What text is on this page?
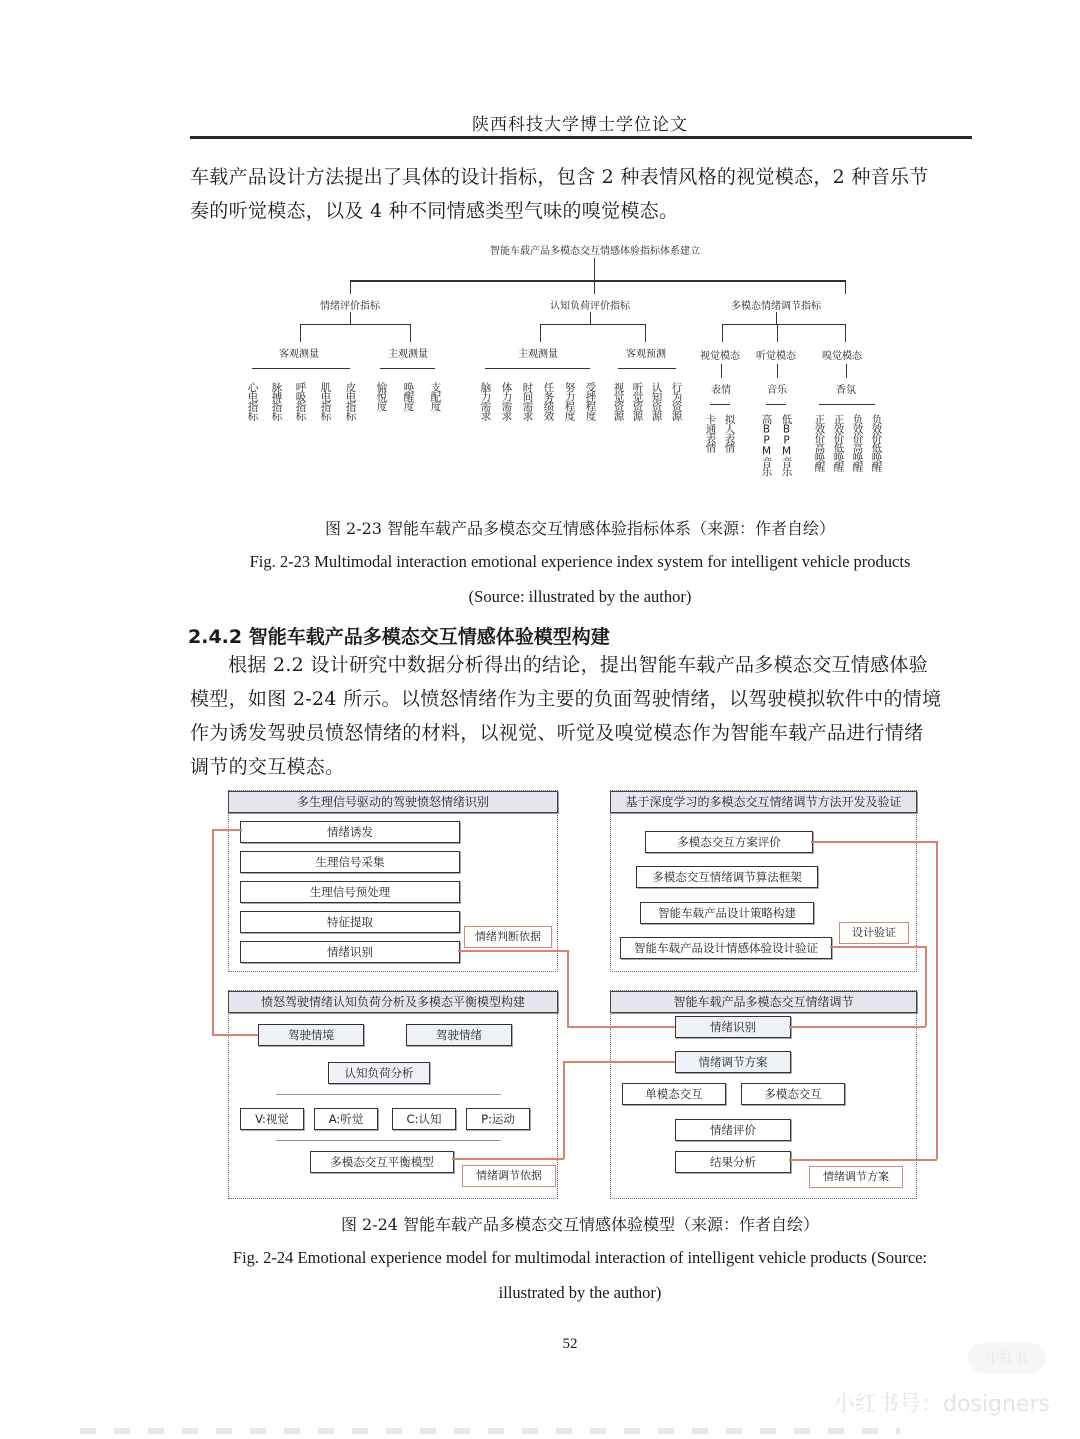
陕西科技大学博士学位论文
车载产品设计方法提出了具体的设计指标，包含 2 种表情风格的视觉模态，2 种音乐节
奏的听觉模态，以及 4 种不同情感类型气味的嗅觉模态。
智能车载产品多模态交互情感体验指标体系建立
情绪评价指标	认知负荷评价指标	多模态情绪调节指标
客观测量	主观测量
心电指标 脉搏指标 呼吸指标 肌电指标 皮电指标 愉悦度 唤醒度 支配度
主观测量	客观预测
脑力需求 体力需求 时间需求 任务绩效 努力程度 受挫程度 视觉资源 听觉资源 认知资源 行为资源
视觉模态 听觉模态	嗅觉模态
表情	音乐	香氛
卡通表情 拟人表情 高BPM音乐 低BPM音乐 正效价高唤醒 正效价低唤醒 负效价高唤醒 负效价低唤醒
图 2-23 智能车载产品多模态交互情感体验指标体系（来源：作者自绘）
Fig. 2-23 Multimodal interaction emotional experience index system for intelligent vehicle products
(Source: illustrated by the author)
2.4.2 智能车载产品多模态交互情感体验模型构建
根据 2.2 设计研究中数据分析得出的结论，提出智能车载产品多模态交互情感体验
模型，如图 2-24 所示。以愤怒情绪作为主要的负面驾驶情绪，以驾驶模拟软件中的情境
作为诱发驾驶员愤怒情绪的材料，以视觉、听觉及嗅觉模态作为智能车载产品进行情绪
调节的交互模态。
多生理信号驱动的驾驶愤怒情绪识别
情绪诱发
生理信号采集
生理信号预处理
特征提取
情绪识别
情绪判断依据
基于深度学习的多模态交互情绪调节方法开发及验证
多模态交互方案评价
多模态交互情绪调节算法框架
智能车载产品设计策略构建
智能车载产品设计情感体验设计验证
设计验证
愤怒驾驶情绪认知负荷分析及多模态平衡模型构建
驾驶情境	驾驶情绪
认知负荷分析
V:视觉	A:听觉	C:认知	P:运动
多模态交互平衡模型
情绪调节依据
智能车载产品多模态交互情绪调节
情绪识别
情绪调节方案
单模态交互	多模态交互
情绪评价
结果分析
情绪调节方案
图 2-24 智能车载产品多模态交互情感体验模型（来源：作者自绘）
Fig. 2-24 Emotional experience model for multimodal interaction of intelligent vehicle products (Source:
illustrated by the author)
52
小红书
小红书号：dosigners
